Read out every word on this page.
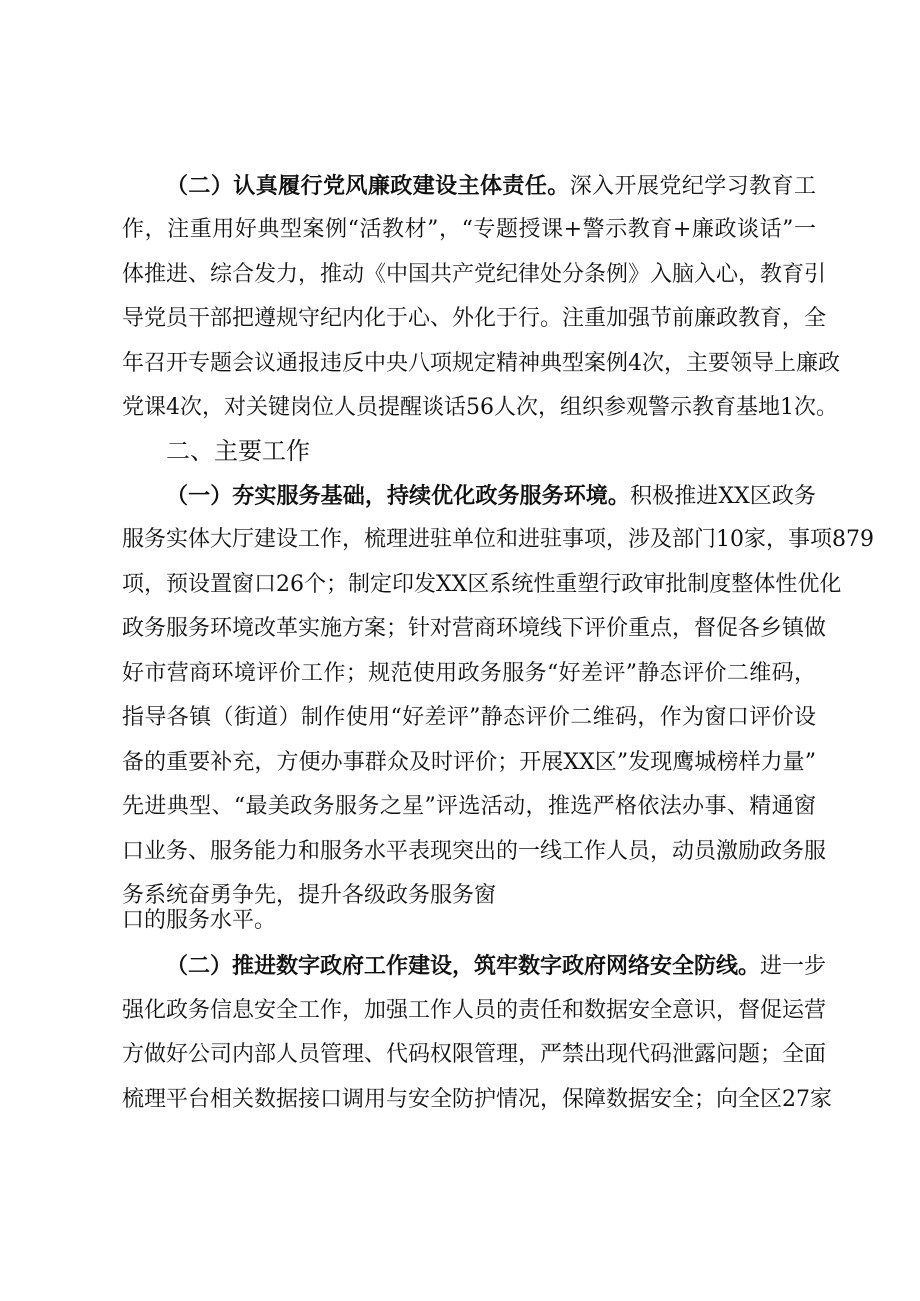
（二）认真履行党风廉政建设主体责任。深入开展党纪学习教育工
作，注重用好典型案例“活教材”，“专题授课+警示教育+廉政谈话”一
体推进、综合发力，推动《中国共产党纪律处分条例》入脑入心，教育引
导党员干部把遵规守纪内化于心、外化于行。注重加强节前廉政教育，全
年召开专题会议通报违反中央八项规定精神典型案例4次，主要领导上廉政
党课4次，对关键岗位人员提醒谈话56人次，组织参观警示教育基地1次。
二、主要工作
（一）夯实服务基础，持续优化政务服务环境。积极推进XX区政务
服务实体大厅建设工作，梳理进驻单位和进驻事项，涉及部门10家，事项879
项，预设置窗口26个；制定印发XX区系统性重塑行政审批制度整体性优化
政务服务环境改革实施方案；针对营商环境线下评价重点，督促各乡镇做
好市营商环境评价工作；规范使用政务服务“好差评”静态评价二维码，
指导各镇（街道）制作使用“好差评”静态评价二维码，作为窗口评价设
备的重要补充，方便办事群众及时评价；开展XX区”发现鹰城榜样力量”
先进典型、“最美政务服务之星”评选活动，推选严格依法办事、精通窗
口业务、服务能力和服务水平表现突出的一线工作人员，动员激励政务服
务系统奋勇争先，提升各级政务服务窗
口的服务水平。
（二）推进数字政府工作建设，筑牢数字政府网络安全防线。进一步
强化政务信息安全工作，加强工作人员的责任和数据安全意识，督促运营
方做好公司内部人员管理、代码权限管理，严禁出现代码泄露问题；全面
梳理平台相关数据接口调用与安全防护情况，保障数据安全；向全区27家
